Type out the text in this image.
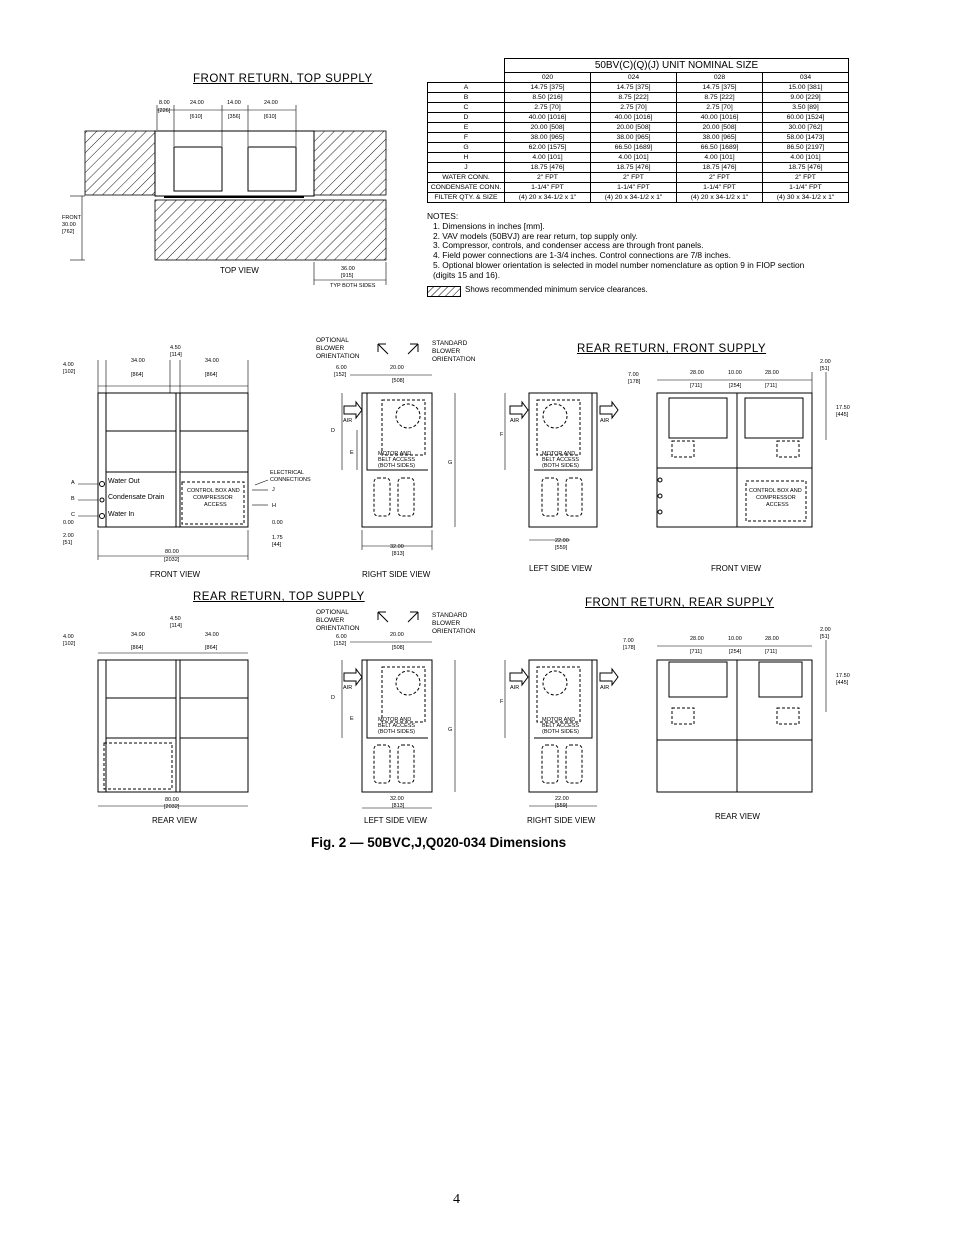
FRONT RETURN, TOP SUPPLY
REAR RETURN, FRONT SUPPLY
REAR RETURN, TOP SUPPLY	FRONT RETURN, REAR SUPPLY
	50BV(C)(Q)(J) UNIT NOMINAL SIZE			
	020	024	028	034
A	14.75 [375]	14.75 [375]	14.75 [375]	15.00 [381]
B	8.50 [216]	8.75 [222]	8.75 [222]	9.00 [229]
C	2.75 [70]	2.75 [70]	2.75 [70]	3.50 [89]
D	40.00 [1016]	40.00 [1016]	40.00 [1016]	60.00 [1524]
E	20.00 [508]	20.00 [508]	20.00 [508]	30.00 [762]
F	38.00 [965]	38.00 [965]	38.00 [965]	58.00 [1473]
G	62.00 [1575]	66.50 [1689]	66.50 [1689]	86.50 [2197]
H	4.00 [101]	4.00 [101]	4.00 [101]	4.00 [101]
J	18.75 [476]	18.75 [476]	18.75 [476]	18.75 [476]
WATER CONN.	2" FPT	2" FPT	2" FPT	2" FPT
CONDENSATE CONN.	1-1/4" FPT	1-1/4" FPT	1-1/4" FPT	1-1/4" FPT
FILTER QTY. & SIZE	(4) 20 x 34-1/2 x 1"	(4) 20 x 34-1/2 x 1"	(4) 20 x 34-1/2 x 1"	(4) 30 x 34-1/2 x 1"
NOTES:
1. Dimensions in inches [mm].
2. VAV models (50BVJ) are rear return, top supply only.
3. Compressor, controls, and condenser access are through front panels.
4. Field power connections are 1-3/4 inches. Control connections are 7/8 inches.
5. Optional blower orientation is selected in model number nomenclature as option 9 in FIOP section
(digits 15 and 16).
Shows recommended minimum service clearances.
8.00
[226]
24.00
[610]
14.00
[356]
24.00
[610]
FRONT
30.00
[762]
36.00
[915]
TYP BOTH SIDES
TOP VIEW
4.50
[114]
4.00
[102]
34.00
[864]
34.00
[864]
Water Out
Condensate Drain
Water In
CONTROL BOX AND
COMPRESSOR
ACCESS
ELECTRICAL
CONNECTIONS
A
B
C
J
H
0.00	0.00
2.00
[51]
1.75
[44]
80.00
[2032]
FRONT VIEW
OPTIONAL
BLOWER
ORIENTATION
STANDARD
BLOWER
ORIENTATION
6.00
[152]
20.00
[508]
AIR
D
E
G
MOTOR AND
BELT ACCESS
(BOTH SIDES)
32.00
[813]
RIGHT SIDE VIEW
AIR	AIR
F
MOTOR AND
BELT ACCESS
(BOTH SIDES)
22.00
[559]
LEFT SIDE VIEW
7.00
[178]
28.00
[711]
10.00
[254]
28.00
[711]
2.00
[51]
17.50
[445]
CONTROL BOX AND
COMPRESSOR
ACCESS
FRONT VIEW
4.50
[114]
4.00
[102]
34.00
[864]
34.00
[864]
80.00
[2032]
REAR VIEW
OPTIONAL
BLOWER
ORIENTATION
STANDARD
BLOWER
ORIENTATION
6.00
[152]
20.00
[508]
AIR
D
E
G
MOTOR AND
BELT ACCESS
(BOTH SIDES)
32.00
[813]
LEFT SIDE VIEW
AIR	AIR
F
MOTOR AND
BELT ACCESS
(BOTH SIDES)
22.00
[559]
RIGHT SIDE VIEW
7.00
[178]
28.00
[711]
10.00
[254]
28.00
[711]
2.00
[51]
17.50
[445]
REAR VIEW
Fig. 2 — 50BVC,J,Q020-034 Dimensions
4
